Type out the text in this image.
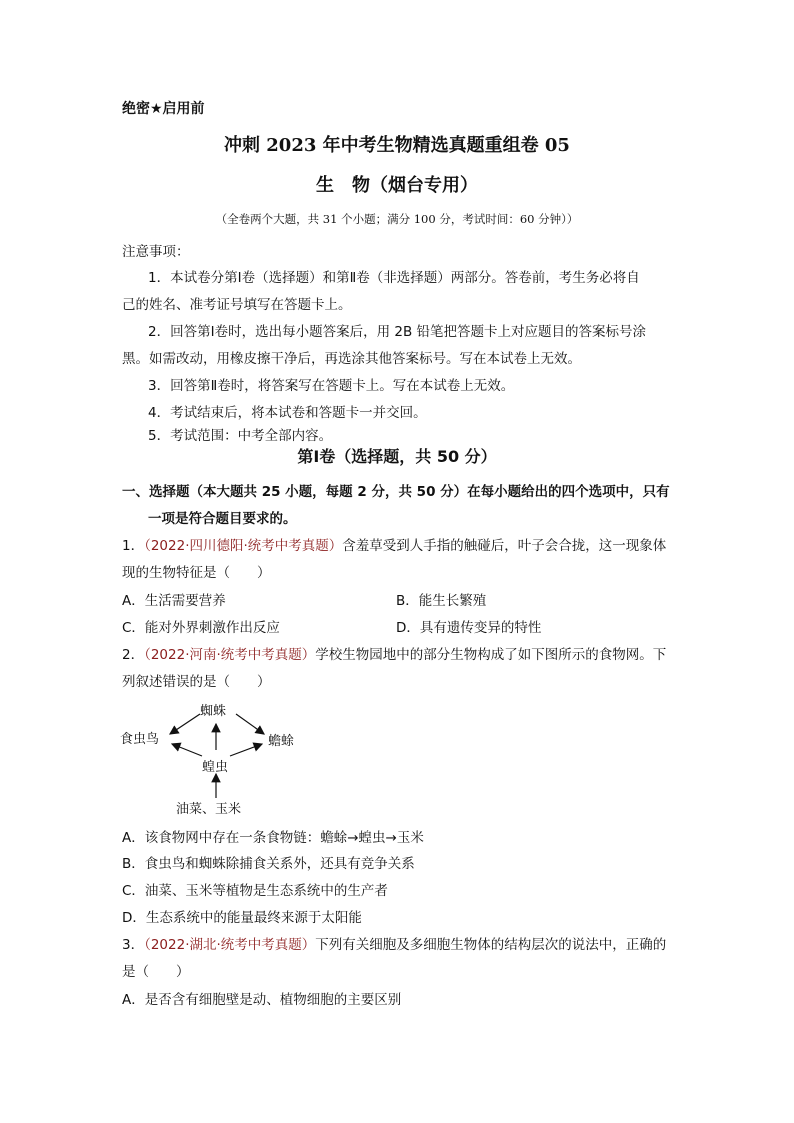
绝密★启用前
冲刺 2023 年中考生物精选真题重组卷 05
生　物（烟台专用）
（全卷两个大题，共 31 个小题；满分 100 分，考试时间：60 分钟））
注意事项：
1．本试卷分第Ⅰ卷（选择题）和第Ⅱ卷（非选择题）两部分。答卷前，考生务必将自
己的姓名、准考证号填写在答题卡上。
2．回答第Ⅰ卷时，选出每小题答案后，用 2B 铅笔把答题卡上对应题目的答案标号涂
黑。如需改动，用橡皮擦干净后，再选涂其他答案标号。写在本试卷上无效。
3．回答第Ⅱ卷时，将答案写在答题卡上。写在本试卷上无效。
4．考试结束后，将本试卷和答题卡一并交回。
5．考试范围：中考全部内容。
第Ⅰ卷（选择题，共 50 分）
一、选择题（本大题共 25 小题，每题 2 分，共 50 分）在每小题给出的四个选项中，只有
一项是符合题目要求的。
1．（2022·四川德阳·统考中考真题）含羞草受到人手指的触碰后，叶子会合拢，这一现象体
现的生物特征是（　　）
A．生活需要营养	B．能生长繁殖
C．能对外界刺激作出反应	D．具有遗传变异的特性
2．（2022·河南·统考中考真题）学校生物园地中的部分生物构成了如下图所示的食物网。下
列叙述错误的是（　　）
蜘蛛
食虫鸟	蟾蜍
蝗虫
油菜、玉米
A．该食物网中存在一条食物链：蟾蜍→蝗虫→玉米
B．食虫鸟和蜘蛛除捕食关系外，还具有竞争关系
C．油菜、玉米等植物是生态系统中的生产者
D．生态系统中的能量最终来源于太阳能
3．（2022·湖北·统考中考真题）下列有关细胞及多细胞生物体的结构层次的说法中，正确的
是（　　）
A．是否含有细胞壁是动、植物细胞的主要区别
